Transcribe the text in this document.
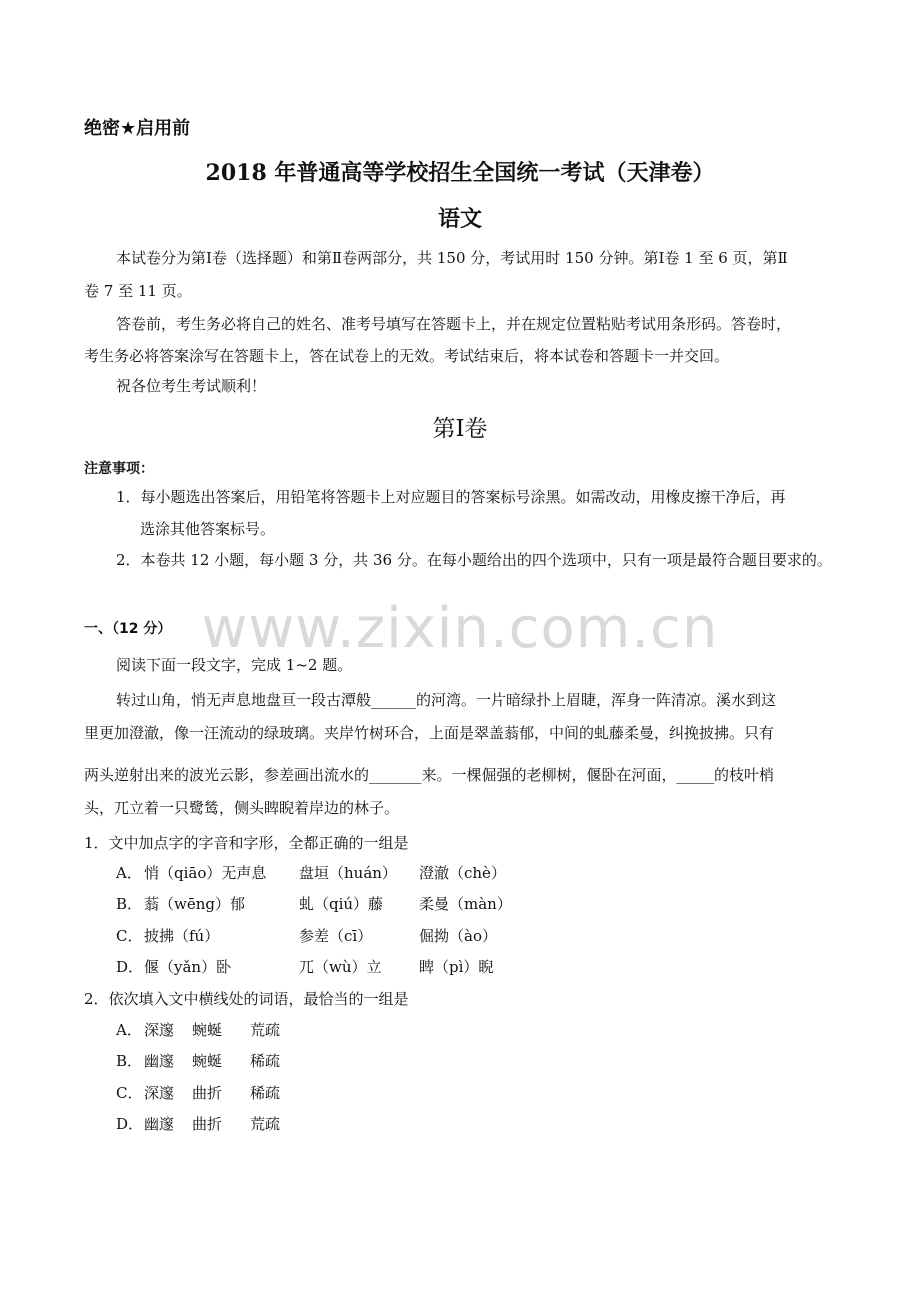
www.zixin.com.cn
绝密★启用前
2018 年普通高等学校招生全国统一考试（天津卷）
语文
本试卷分为第Ⅰ卷（选择题）和第Ⅱ卷两部分，共 150 分，考试用时 150 分钟。第Ⅰ卷 1 至 6 页，第Ⅱ
卷 7 至 11 页。
答卷前，考生务必将自己的姓名、准考号填写在答题卡上，并在规定位置粘贴考试用条形码。答卷时，
考生务必将答案涂写在答题卡上，答在试卷上的无效。考试结束后，将本试卷和答题卡一并交回。
祝各位考生考试顺利！
第Ⅰ卷
注意事项：
1．每小题选出答案后，用铅笔将答题卡上对应题目的答案标号涂黑。如需改动，用橡皮擦干净后，再
选涂其他答案标号。
2．本卷共 12 小题，每小题 3 分，共 36 分。在每小题给出的四个选项中，只有一项是最符合题目要求的。
一、（12 分）
阅读下面一段文字，完成 1~2 题。
转过山角，悄无声息地盘亘一段古潭般______的河湾。一片暗绿扑上眉睫，浑身一阵清凉。溪水到这
里更加澄澈，像一汪流动的绿玻璃。夹岸竹树环合，上面是翠盖蓊郁，中间的虬藤柔曼，纠挽披拂。只有
两头逆射出来的波光云影，参差画出流水的_______来。一棵倔强的老柳树，偃卧在河面，_____的枝叶梢
头，兀立着一只鹭鸶，侧头睥睨着岸边的林子。
1．文中加点字的字音和字形，全都正确的一组是
A． 悄（qiāo）无声息 盘垣（huán） 澄澈（chè）
B． 蓊（wēng）郁	虬（qiú）藤 柔曼（màn）
C． 披拂（fú）	参差（cī）	倔拗（ào）
D．偃（yǎn）卧	兀（wù）立 睥（pì）睨
2．依次填入文中横线处的词语，最恰当的一组是
A． 深邃 蜿蜒 荒疏
B． 幽邃 蜿蜒 稀疏
C． 深邃 曲折 稀疏
D．幽邃 曲折 荒疏
